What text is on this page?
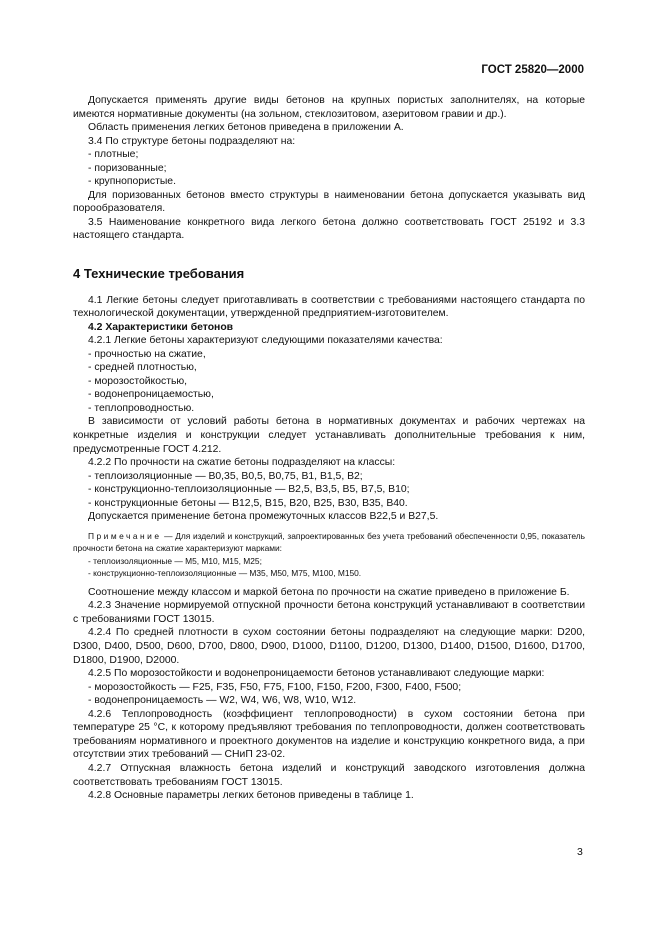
ГОСТ 25820—2000

Допускается применять другие виды бетонов на крупных пористых заполнителях, на которые имеются нормативные документы (на зольном, стеклозитовом, азеритовом гравии и др.).

Область применения легких бетонов приведена в приложении А.

3.4 По структуре бетоны подразделяют на:

- плотные;

- поризованные;

- крупнопористые.

Для поризованных бетонов вместо структуры в наименовании бетона допускается указывать вид порообразователя.

3.5 Наименование конкретного вида легкого бетона должно соответствовать ГОСТ 25192 и 3.3 настоящего стандарта.

4 Технические требования

4.1 Легкие бетоны следует приготавливать в соответствии с требованиями настоящего стандарта по технологической документации, утвержденной предприятием-изготовителем.

4.2 Характеристики бетонов

4.2.1 Легкие бетоны характеризуют следующими показателями качества:

- прочностью на сжатие,

- средней плотностью,

- морозостойкостью,

- водонепроницаемостью,

- теплопроводностью.

В зависимости от условий работы бетона в нормативных документах и рабочих чертежах на конкретные изделия и конструкции следует устанавливать дополнительные требования к ним, предусмотренные ГОСТ 4.212.

4.2.2 По прочности на сжатие бетоны подразделяют на классы:

- теплоизоляционные — B0,35, B0,5, B0,75, B1, B1,5, B2;

- конструкционно-теплоизоляционные — B2,5, B3,5, B5, B7,5, B10;

- конструкционные бетоны — B12,5, B15, B20, B25, B30, B35, B40.

Допускается применение бетона промежуточных классов B22,5 и B27,5.

Примечание — Для изделий и конструкций, запроектированных без учета требований обеспеченности 0,95, показатель прочности бетона на сжатие характеризуют марками:

- теплоизоляционные — M5, M10, M15, M25;

- конструкционно-теплоизоляционные — M35, M50, M75, M100, M150.

Соотношение между классом и маркой бетона по прочности на сжатие приведено в приложение Б.

4.2.3 Значение нормируемой отпускной прочности бетона конструкций устанавливают в соответствии с требованиями ГОСТ 13015.

4.2.4 По средней плотности в сухом состоянии бетоны подразделяют на следующие марки: D200, D300, D400, D500, D600, D700, D800, D900, D1000, D1100, D1200, D1300, D1400, D1500, D1600, D1700, D1800, D1900, D2000.

4.2.5 По морозостойкости и водонепроницаемости бетонов устанавливают следующие марки:

- морозостойкость — F25, F35, F50, F75, F100, F150, F200, F300, F400, F500;

- водонепроницаемость — W2, W4, W6, W8, W10, W12.

4.2.6 Теплопроводность (коэффициент теплопроводности) в сухом состоянии бетона при температуре 25 °С, к которому предъявляют требования по теплопроводности, должен соответствовать требованиям нормативного и проектного документов на изделие и конструкцию конкретного вида, а при отсутствии этих требований — СНиП 23-02.

4.2.7 Отпускная влажность бетона изделий и конструкций заводского изготовления должна соответствовать требованиям ГОСТ 13015.

4.2.8 Основные параметры легких бетонов приведены в таблице 1.

3
